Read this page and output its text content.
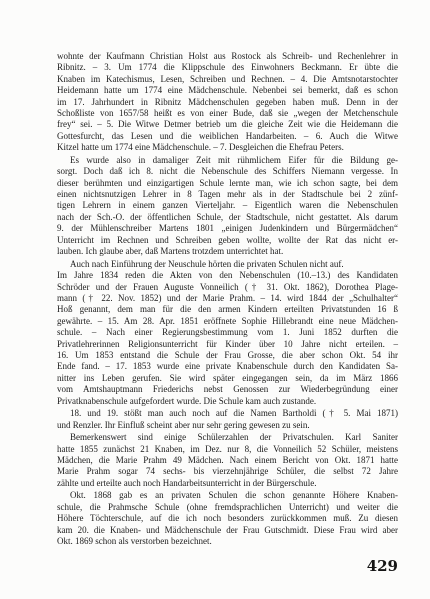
wohnte der Kaufmann Christian Holst aus Rostock als Schreib- und Rechenlehrer in
Ribnitz. – 3. Um 1774 die Klippschule des Einwohners Beckmann. Er übte die
Knaben im Katechismus, Lesen, Schreiben und Rechnen. – 4. Die Amtsnotarstochter
Heidemann hatte um 1774 eine Mädchenschule. Nebenbei sei bemerkt, daß es schon
im 17. Jahrhundert in Ribnitz Mädchenschulen gegeben haben muß. Denn in der
Schoßliste von 1657/58 heißt es von einer Bude, daß sie „wegen der Metchenschule
frey“ sei. – 5. Die Witwe Detmer betrieb um die gleiche Zeit wie die Heidemann die
Gottesfurcht, das Lesen und die weiblichen Handarbeiten. – 6. Auch die Witwe
Kitzel hatte um 1774 eine Mädchenschule. – 7. Desgleichen die Ehefrau Peters.
Es wurde also in damaliger Zeit mit rühmlichem Eifer für die Bildung ge-
sorgt. Doch daß ich 8. nicht die Nebenschule des Schiffers Niemann vergesse. In
dieser berühmten und einzigartigen Schule lernte man, wie ich schon sagte, bei dem
einen nichtsnutzigen Lehrer in 8 Tagen mehr als in der Stadtschule bei 2 zünf-
tigen Lehrern in einem ganzen Vierteljahr. – Eigentlich waren die Nebenschulen
nach der Sch.-O. der öffentlichen Schule, der Stadtschule, nicht gestattet. Als darum
9. der Mühlenschreiber Martens 1801 „einigen Judenkindern und Bürgermädchen“
Unterricht im Rechnen und Schreiben geben wollte, wollte der Rat das nicht er-
lauben. Ich glaube aber, daß Martens trotzdem unterrichtet hat.
Auch nach Einführung der Neuschule hörten die privaten Schulen nicht auf.
Im Jahre 1834 reden die Akten von den Nebenschulen (10.–13.) des Kandidaten
Schröder und der Frauen Auguste Vonneilich († 31. Okt. 1862), Dorothea Plage-
mann († 22. Nov. 1852) und der Marie Prahm. – 14. wird 1844 der „Schulhalter“
Hoß genannt, dem man für die den armen Kindern erteilten Privatstunden 16 ß
gewährte. – 15. Am 28. Apr. 1851 eröffnete Sophie Hillebrandt eine neue Mädchen-
schule. – Nach einer Regierungsbestimmung vom 1. Juni 1852 durften die
Privatlehrerinnen Religionsunterricht für Kinder über 10 Jahre nicht erteilen. –
16. Um 1853 entstand die Schule der Frau Grosse, die aber schon Okt. 54 ihr
Ende fand. – 17. 1853 wurde eine private Knabenschule durch den Kandidaten Sa-
nitter ins Leben gerufen. Sie wird später eingegangen sein, da im März 1866
vom Amtshauptmann Friederichs nebst Genossen zur Wiederbegründung einer
Privatknabenschule aufgefordert wurde. Die Schule kam auch zustande.
18. und 19. stößt man auch noch auf die Namen Bartholdi († 5. Mai 1871)
und Renzler. Ihr Einfluß scheint aber nur sehr gering gewesen zu sein.
Bemerkenswert sind einige Schülerzahlen der Privatschulen. Karl Saniter
hatte 1855 zunächst 21 Knaben, im Dez. nur 8, die Vonneilich 52 Schüler, meistens
Mädchen, die Marie Prahm 49 Mädchen. Nach einem Bericht von Okt. 1871 hatte
Marie Prahm sogar 74 sechs- bis vierzehnjährige Schüler, die selbst 72 Jahre
zählte und erteilte auch noch Handarbeitsunterricht in der Bürgerschule.
Okt. 1868 gab es an privaten Schulen die schon genannte Höhere Knaben-
schule, die Prahmsche Schule (ohne fremdsprachlichen Unterricht) und weiter die
Höhere Töchterschule, auf die ich noch besonders zurückkommen muß. Zu diesen
kam 20. die Knaben- und Mädchenschule der Frau Gutschmidt. Diese Frau wird aber
Okt. 1869 schon als verstorben bezeichnet.
429
